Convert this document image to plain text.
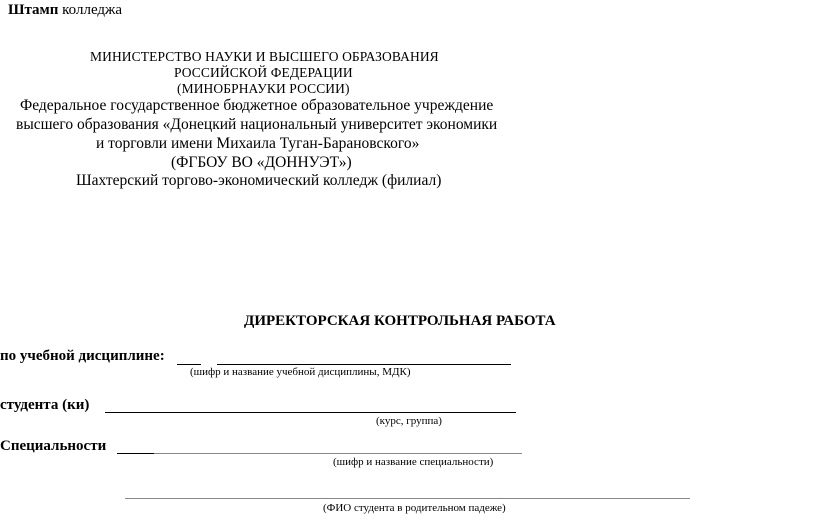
Штамп колледжа
МИНИСТЕРСТВО НАУКИ И ВЫСШЕГО ОБРАЗОВАНИЯ
РОССИЙСКОЙ ФЕДЕРАЦИИ
(МИНОБРНАУКИ РОССИИ)
Федеральное государственное бюджетное образовательное учреждение
высшего образования «Донецкий национальный университет экономики
и торговли имени Михаила Туган-Барановского»
(ФГБОУ ВО «ДОННУЭТ»)
Шахтерский торгово-экономический колледж (филиал)
ДИРЕКТОРСКАЯ КОНТРОЛЬНАЯ РАБОТА
по учебной дисциплине:
(шифр и название учебной дисциплины, МДК)
студента (ки)
(курс, группа)
Специальности
(шифр и название специальности)
(ФИО студента в родительном падеже)
